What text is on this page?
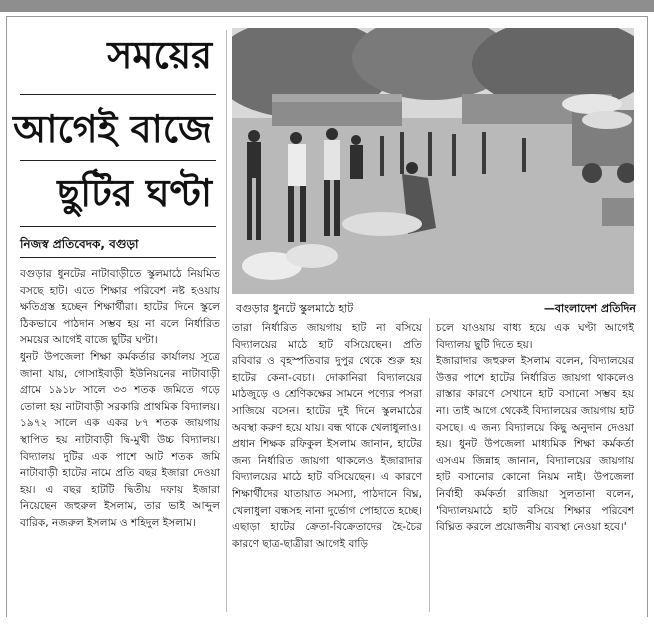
সময়ের
আগেই বাজে
ছুটির ঘণ্টা
নিজস্ব প্রতিবেদক, বগুড়া
বগুড়ার ধুনটে স্কুলমাঠে হাট	—বাংলাদেশ প্রতিদিন

বগুড়ার ধুনটের নাটাবাড়ীতে স্কুলমাঠে নিয়মিত বসছে হাট। এতে শিক্ষার পরিবেশ নষ্ট হওয়ায় ক্ষতিগ্রস্ত হচ্ছেন শিক্ষার্থীরা। হাটের দিনে স্কুলে ঠিকভাবে পাঠদান সম্ভব হয় না বলে নির্ধারিত সময়ের আগেই বাজে ছুটির ঘণ্টা।

ধুনট উপজেলা শিক্ষা কর্মকর্তার কার্যালয় সূত্রে জানা যায়, গোসাইবাড়ী ইউনিয়নের নাটাবাড়ী গ্রামে ১৯১৮ সালে ৩৩ শতক জমিতে গড়ে তোলা হয় নাটাবাড়ী সরকারি প্রাথমিক বিদ্যালয়। ১৯৭২ সালে এক একর ৮৭ শতক জায়গায় স্থাপিত হয় নাটাবাড়ী দ্বি-মুখী উচ্চ বিদ্যালয়। বিদ্যালয় দুটির এক পাশে আট শতক জমি নাটাবাড়ী হাটের নামে প্রতি বছর ইজারা দেওয়া হয়। এ বছর হাটটি দ্বিতীয় দফায় ইজারা নিয়েছেন জহুরুল ইসলাম, তার ভাই আব্দুল বারিক, নজরুল ইসলাম ও শহিদুল ইসলাম।

তারা নির্ধারিত জায়গায় হাট না বসিয়ে বিদ্যালয়ের মাঠে হাট বসিয়েছেন। প্রতি রবিবার ও বৃহস্পতিবার দুপুর থেকে শুরু হয় হাটের কেনা-বেচা। দোকানিরা বিদ্যালয়ের মাঠজুড়ে ও শ্রেণিকক্ষের সামনে পণ্যের পসরা সাজিয়ে বসেন। হাটের দুই দিনে স্কুলমাঠের অবস্থা করুণ হয়ে যায়। বন্ধ থাকে খেলাধুলাও।

প্রধান শিক্ষক রফিকুল ইসলাম জানান, হাটের জন্য নির্ধারিত জায়গা থাকলেও ইজারাদার বিদ্যালয়ের মাঠে হাট বসিয়েছেন। এ কারণে শিক্ষার্থীদের যাতায়াত সমস্যা, পাঠদানে বিঘ্ন, খেলাধুলা বন্ধসহ নানা দুর্ভোগ পোহাতে হচ্ছে। এছাড়া হাটের ক্রেতা-বিক্রেতাদের হৈ-চৈর কারণে ছাত্র-ছাত্রীরা আগেই বাড়ি

চলে যাওয়ায় বাধ্য হয়ে এক ঘণ্টা আগেই বিদ্যালয় ছুটি দিতে হয়।

ইজারাদার জহুরুল ইসলাম বলেন, বিদ্যালয়ের উত্তর পাশে হাটের নির্ধারিত জায়গা থাকলেও রাস্তার কারণে সেখানে হাট বসানো সম্ভব হয় না। তাই আগে থেকেই বিদ্যালয়ের জায়গায় হাট বসছে। এ জন্য বিদ্যালয়ে কিছু অনুদান দেওয়া হয়। ধুনট উপজেলা মাধ্যমিক শিক্ষা কর্মকর্তা এসএম জিন্নাহ জানান, বিদ্যালয়ের জায়গায় হাট বসানোর কোনো নিয়ম নাই। উপজেলা নির্বাহী কর্মকর্তা রাজিয়া সুলতানা বলেন, 'বিদ্যালয়মাঠে হাট বসিয়ে শিক্ষার পরিবেশ বিঘ্নিত করলে প্রয়োজনীয় ব্যবস্থা নেওয়া হবে।'
